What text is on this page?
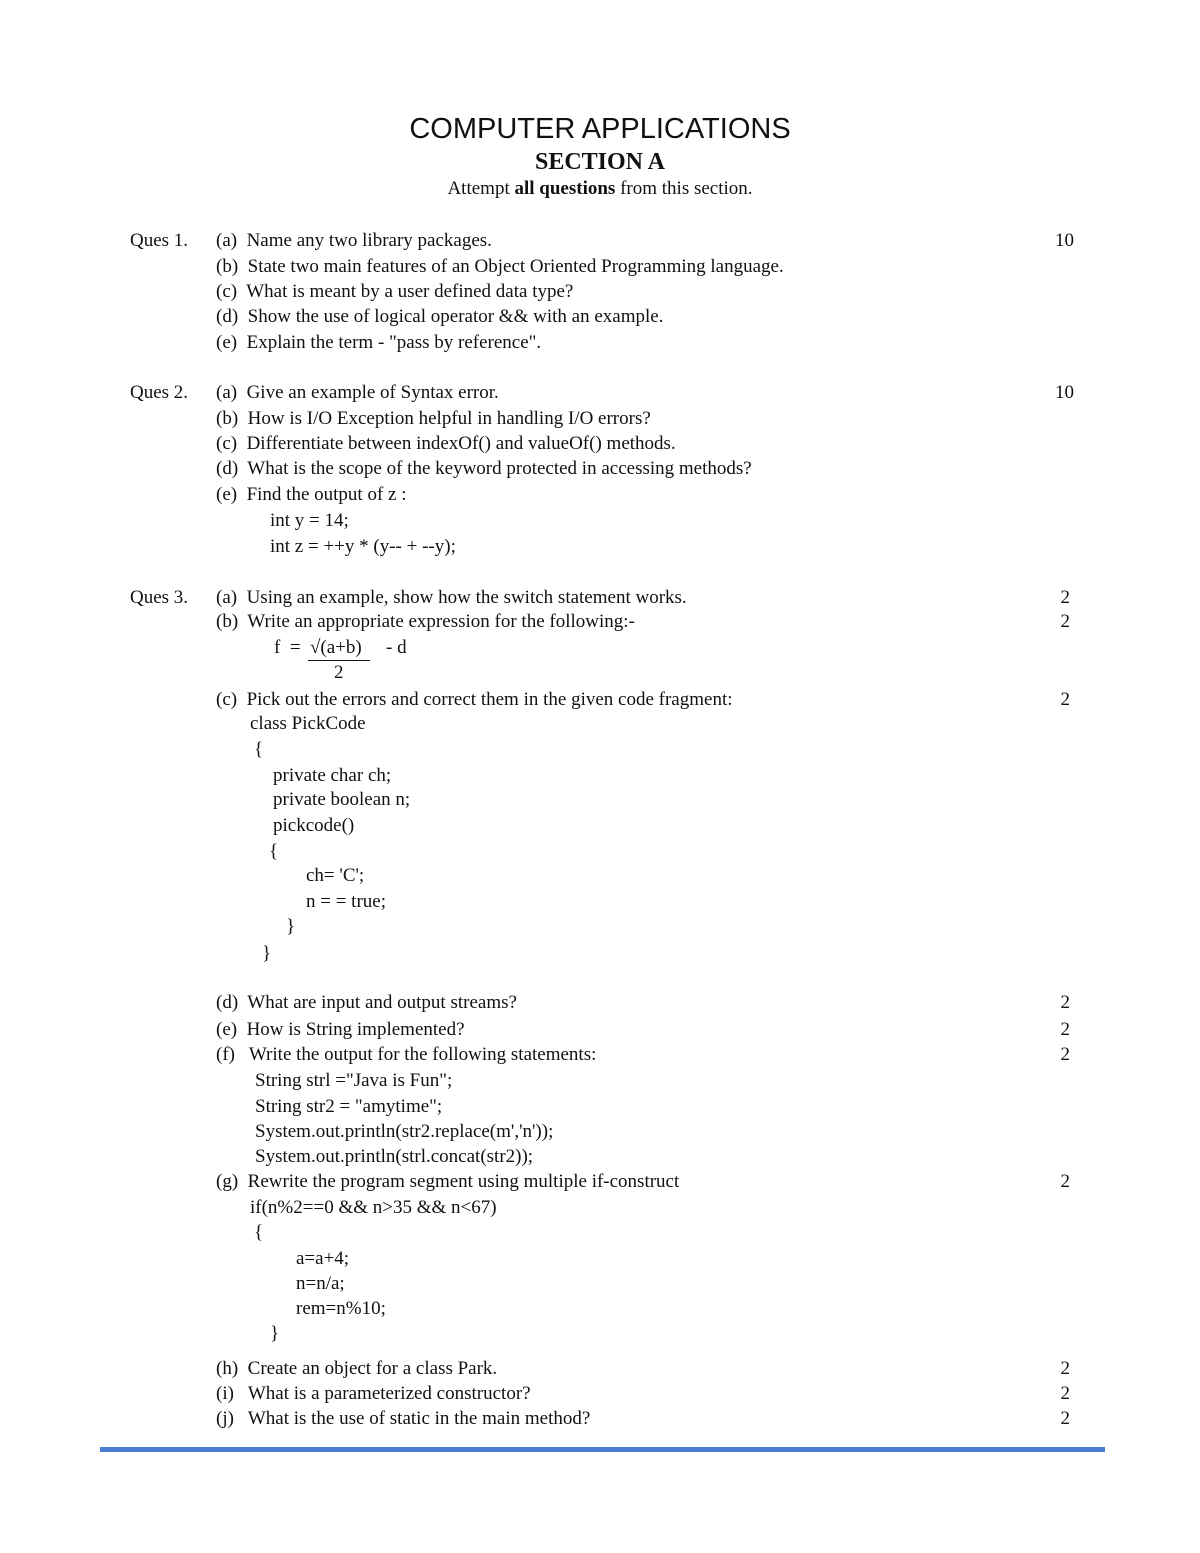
COMPUTER APPLICATIONS
SECTION A
Attempt all questions from this section.
Ques 1.	10
(a)  Name any two library packages.
(b)  State two main features of an Object Oriented Programming language.
(c)  What is meant by a user defined data type?
(d)  Show the use of logical operator && with an example.
(e)  Explain the term - "pass by reference".
Ques 2.	10
(a)  Give an example of Syntax error.
(b)  How is I/O Exception helpful in handling I/O errors?
(c)  Differentiate between indexOf() and valueOf() methods.
(d)  What is the scope of the keyword protected in accessing methods?
(e)  Find the output of z :
int y = 14;
int z = ++y * (y-- + --y);
Ques 3. (a)  Using an example, show how the switch statement works.	2
(b)  Write an appropriate expression for the following:-	2
f  = √(a+b) - d
2
(c)  Pick out the errors and correct them in the given code fragment:	2
class PickCode
{
private char ch;
private boolean n;
pickcode()
{
ch= 'C';
n = = true;
}
}
(d)  What are input and output streams?	2
(e)  How is String implemented?	2
(f)   Write the output for the following statements:	2
String strl ="Java is Fun";
String str2 = "amytime";
System.out.println(str2.replace(m','n'));
System.out.println(strl.concat(str2));
(g)  Rewrite the program segment using multiple if-construct	2
if(n%2==0 && n>35 && n<67)
{
a=a+4;
n=n/a;
rem=n%10;
}
(h)  Create an object for a class Park.	2
(i)   What is a parameterized constructor?	2
(j)   What is the use of static in the main method?	2
